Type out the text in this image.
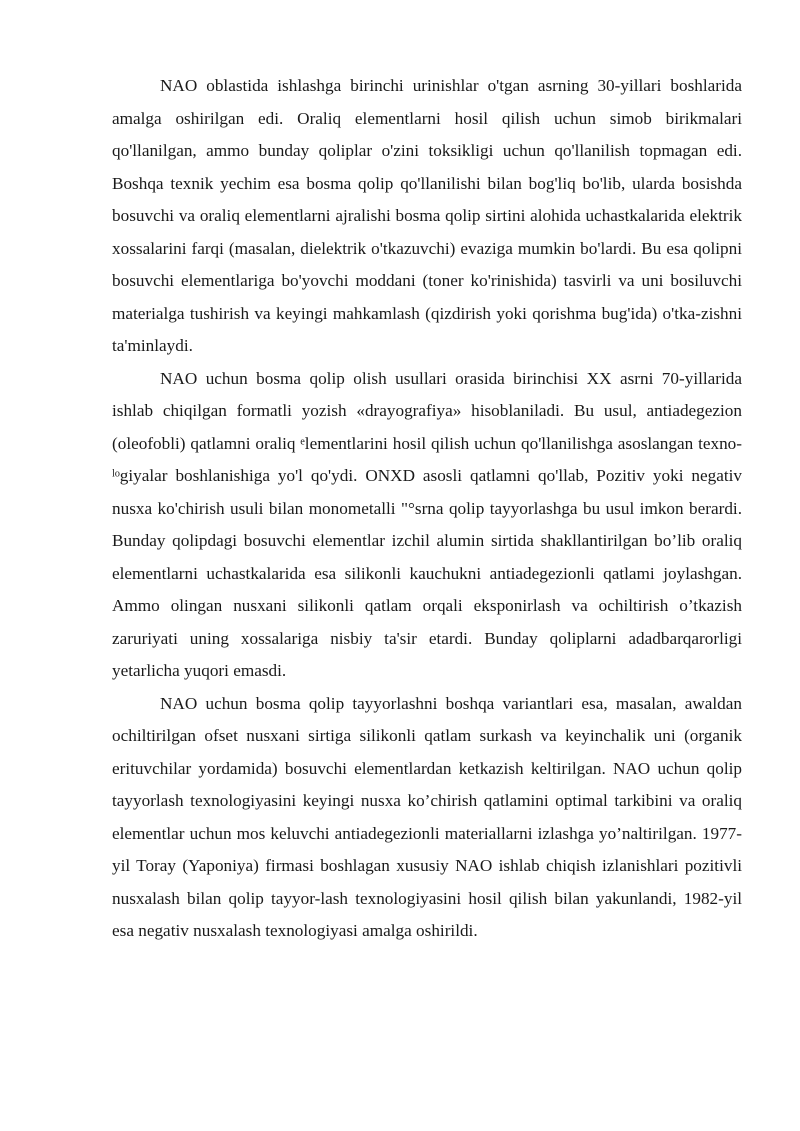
NAO oblastida ishlashga birinchi urinishlar o'tgan asrning 30-yillari boshlarida amalga oshirilgan edi. Oraliq elementlarni hosil qilish uchun simob birikmalari qo'llanilgan, ammo bunday qoliplar o'zini toksikligi uchun qo'llanilish topmagan edi. Boshqa texnik yechim esa bosma qolip qo'llanilishi bilan bog'liq bo'lib, ularda bosishda bosuvchi va oraliq elementlarni ajralishi bosma qolip sirtini alohida uchastkalarida elektrik xossalarini farqi (masalan, dielektrik o'tkazuvchi) evaziga mumkin bo'lardi. Bu esa qolipni bosuvchi elementlariga bo'yovchi moddani (toner ko'rinishida) tasvirli va uni bosiluvchi materialga tushirish va keyingi mahkamlash (qizdirish yoki qorishma bug'ida) o'tka-zishni ta'minlaydi.

NAO uchun bosma qolip olish usullari orasida birinchisi XX asrni 70-yillarida ishlab chiqilgan formatli yozish «drayografiya» hisoblaniladi. Bu usul, antiadegezion (oleofobli) qatlamni oraliq ᵉlementlarini hosil qilish uchun qo'llanilishga asoslangan texno-ˡᵒgiyalar boshlanishiga yo'l qo'ydi. ONXD asosli qatlamni qo'llab, Pozitiv yoki negativ nusxa ko'chirish usuli bilan monometalli "°srna qolip tayyorlashga bu usul imkon berardi. Bunday qolipdagi bosuvchi elementlar izchil alumin sirtida shakllantirilgan bo’lib oraliq elementlarni uchastkalarida esa silikonli kauchukni antiadegezionli qatlami joylashgan. Ammo olingan nusxani silikonli qatlam orqali eksponirlash va ochiltirish o’tkazish zaruriyati uning xossalariga nisbiy ta'sir etardi. Bunday qoliplarni adadbarqarorligi yetarlicha yuqori emasdi.

NAO uchun bosma qolip tayyorlashni boshqa variantlari esa, masalan, awaldan ochiltirilgan ofset nusxani sirtiga silikonli qatlam surkash va keyinchalik uni (organik erituvchilar yordamida) bosuvchi elementlardan ketkazish keltirilgan. NAO uchun qolip tayyorlash texnologiyasini keyingi nusxa ko’chirish qatlamini optimal tarkibini va oraliq elementlar uchun mos keluvchi antiadegezionli materiallarni izlashga yo’naltirilgan. 1977-yil Toray (Yaponiya) firmasi boshlagan xususiy NAO ishlab chiqish izlanishlari pozitivli nusxalash bilan qolip tayyor-lash texnologiyasini hosil qilish bilan yakunlandi, 1982-yil esa negativ nusxalash texnologiyasi amalga oshirildi.
